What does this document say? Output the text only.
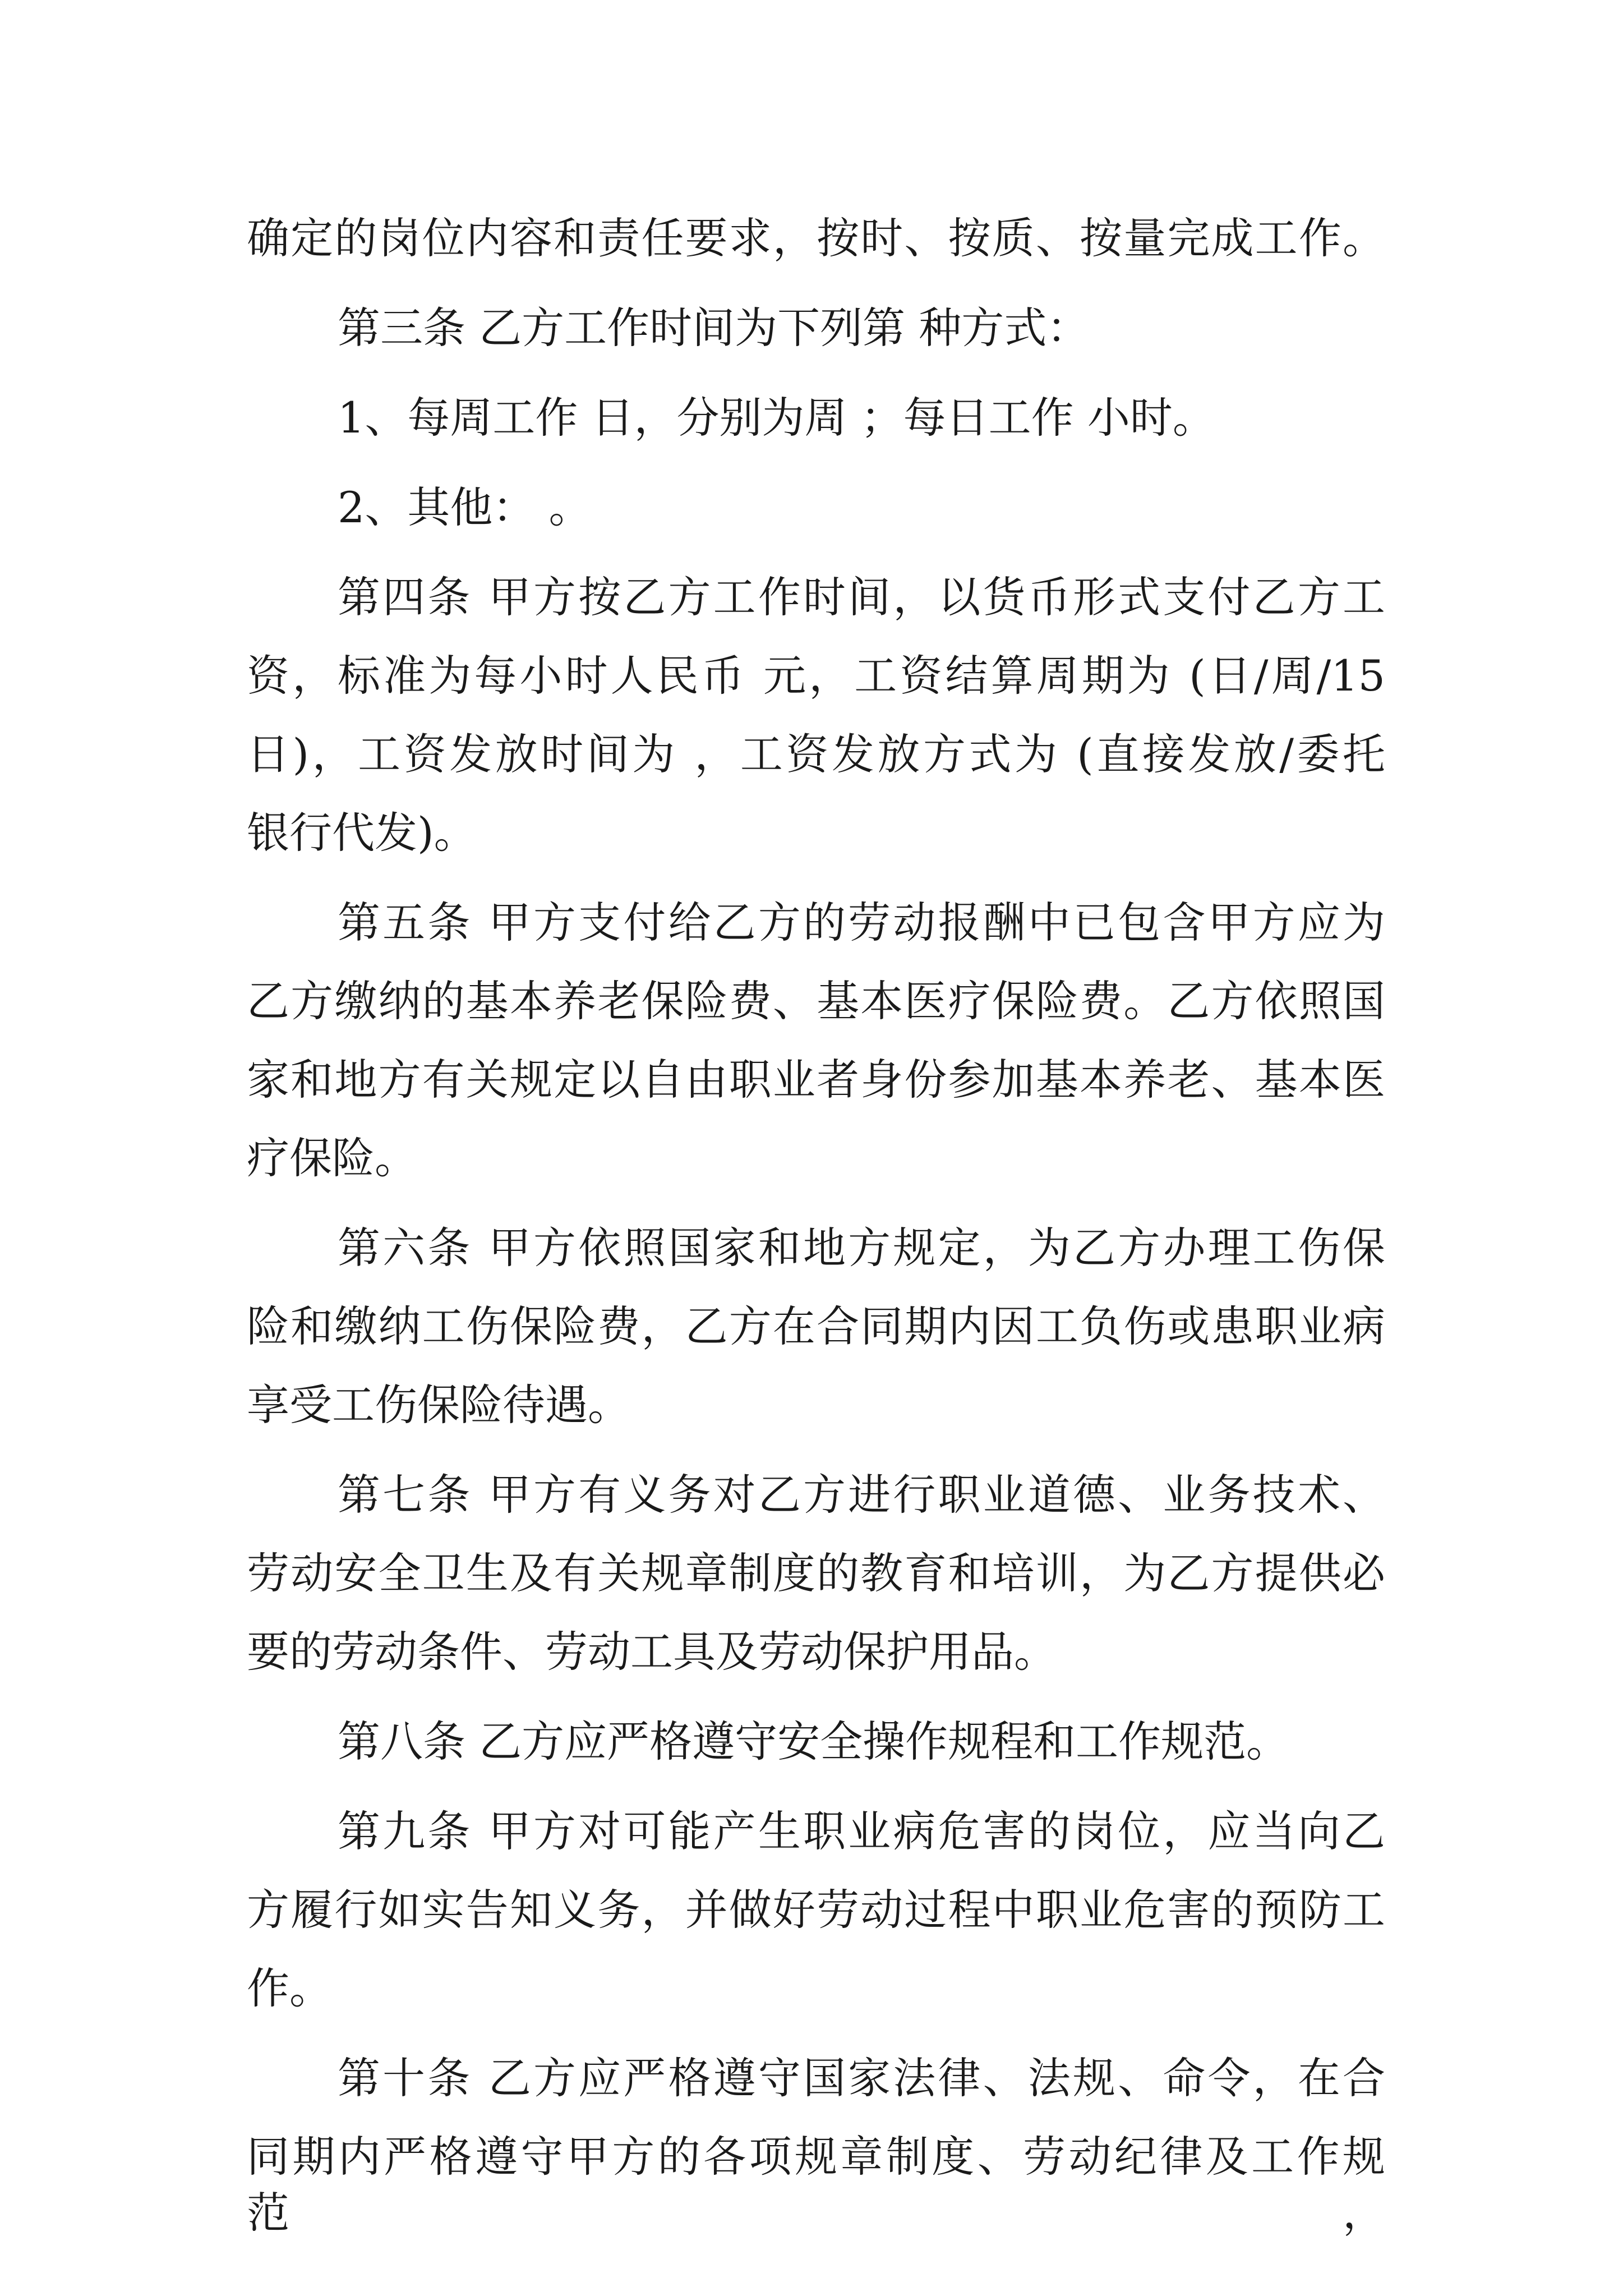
确定的岗位内容和责任要求，按时、按质、按量完成工作。
第三条 乙方工作时间为下列第 种方式：
1、每周工作 日，分别为周 ；每日工作 小时。
2、其他： 。
第四条 甲方按乙方工作时间，以货币形式支付乙方工
资，标准为每小时人民币 元，工资结算周期为 (日/周/15
日)，工资发放时间为 ，工资发放方式为 (直接发放/委托
银行代发)。
第五条 甲方支付给乙方的劳动报酬中已包含甲方应为
乙方缴纳的基本养老保险费、基本医疗保险费。乙方依照国
家和地方有关规定以自由职业者身份参加基本养老、基本医
疗保险。
第六条 甲方依照国家和地方规定，为乙方办理工伤保
险和缴纳工伤保险费，乙方在合同期内因工负伤或患职业病
享受工伤保险待遇。
第七条 甲方有义务对乙方进行职业道德、业务技术、
劳动安全卫生及有关规章制度的教育和培训，为乙方提供必
要的劳动条件、劳动工具及劳动保护用品。
第八条 乙方应严格遵守安全操作规程和工作规范。
第九条 甲方对可能产生职业病危害的岗位，应当向乙
方履行如实告知义务，并做好劳动过程中职业危害的预防工
作。
第十条 乙方应严格遵守国家法律、法规、命令，在合
同期内严格遵守甲方的各项规章制度、劳动纪律及工作规范，
